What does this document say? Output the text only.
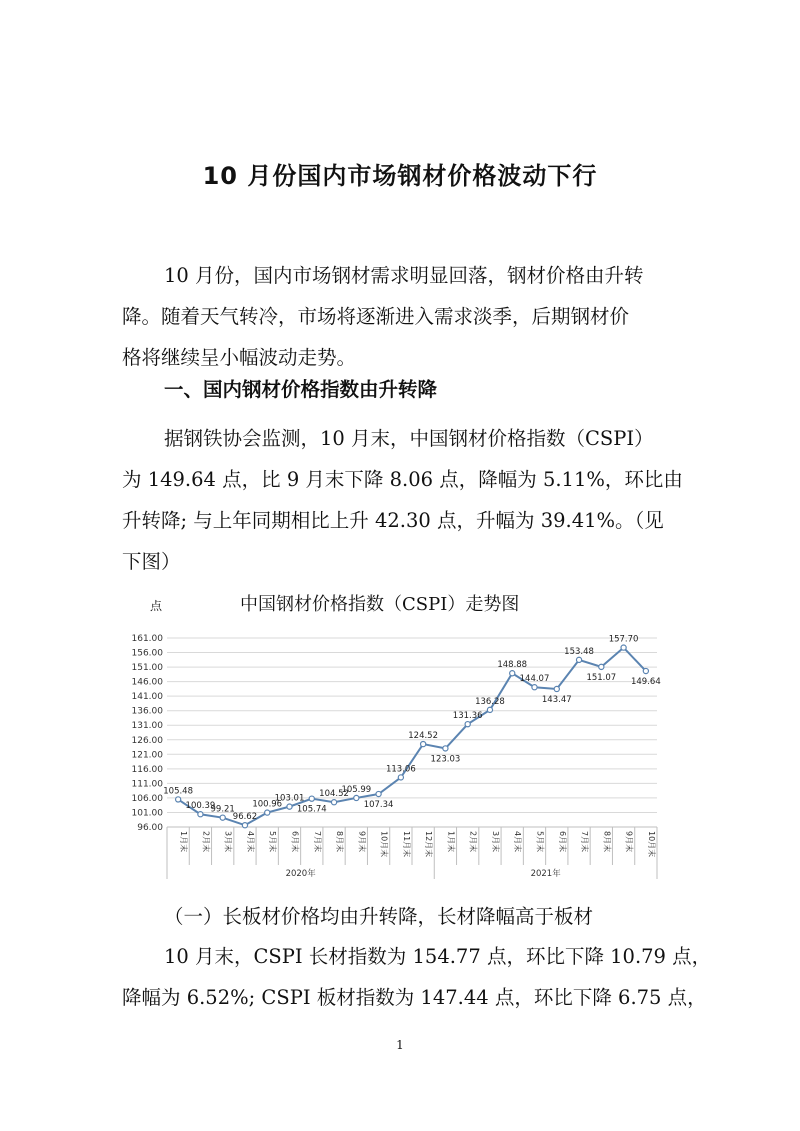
10 月份国内市场钢材价格波动下行

10 月份，国内市场钢材需求明显回落，钢材价格由升转
降。随着天气转冷，市场将逐渐进入需求淡季，后期钢材价
格将继续呈小幅波动走势。

一、国内钢材价格指数由升转降

据钢铁协会监测，10 月末，中国钢材价格指数（CSPI）
为 149.64 点，比 9 月末下降 8.06 点，降幅为 5.11%，环比由
升转降; 与上年同期相比上升 42.30 点，升幅为 39.41%。（见
下图）

点	中国钢材价格指数（CSPI）走势图
161.00
156.00
151.00
146.00
141.00
136.00
131.00
126.00
121.00
116.00
111.00
106.00
101.00
96.00
1月末 2月末 3月末 4月末 5月末 6月末 7月末 8月末 9月末 10月末 11月末 12月末 1月末 2月末 3月末 4月末 5月末 6月末 7月末 8月末 9月末 10月末
2020年	2021年
105.48
100.39
99.21
96.62
100.96
103.01
105.74
104.52
105.99
107.34
113.06
124.52
123.03
131.36
136.28
148.88
144.07
143.47
153.48
151.07
157.70
149.64
（一）长板材价格均由升转降，长材降幅高于板材

10 月末，CSPI 长材指数为 154.77 点，环比下降 10.79 点，
降幅为 6.52%; CSPI 板材指数为 147.44 点，环比下降 6.75 点，

1
